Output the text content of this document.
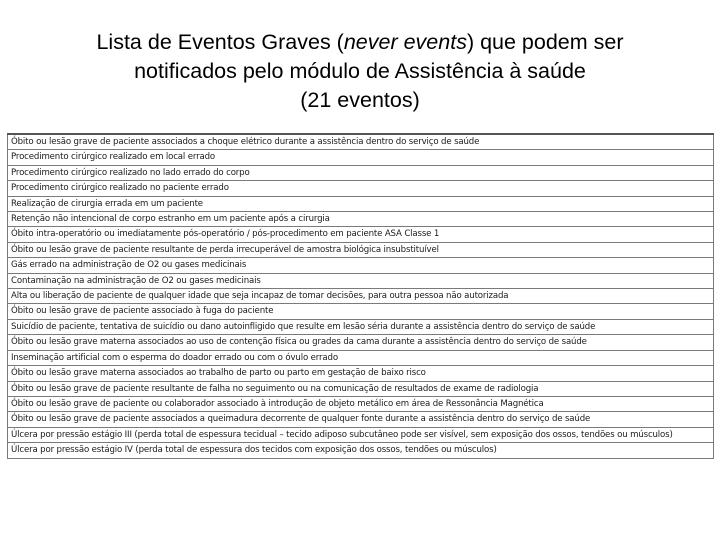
Lista de Eventos Graves (never events) que podem ser
notificados pelo módulo de Assistência à saúde
(21 eventos)
Óbito ou lesão grave de paciente associados a choque elétrico durante a assistência dentro do serviço de saúde
Procedimento cirúrgico realizado em local errado
Procedimento cirúrgico realizado no lado errado do corpo
Procedimento cirúrgico realizado no paciente errado
Realização de cirurgia errada em um paciente
Retenção não intencional de corpo estranho em um paciente após a cirurgia
Óbito intra-operatório ou imediatamente pós-operatório / pós-procedimento em paciente ASA Classe 1
Óbito ou lesão grave de paciente resultante de perda irrecuperável de amostra biológica insubstituível
Gás errado na administração de O2 ou gases medicinais
Contaminação na administração de O2 ou gases medicinais
Alta ou liberação de paciente de qualquer idade que seja incapaz de tomar decisões, para outra pessoa não autorizada
Óbito ou lesão grave de paciente associado à fuga do paciente
Suicídio de paciente, tentativa de suicídio ou dano autoinfligido que resulte em lesão séria durante a assistência dentro do serviço de saúde
Óbito ou lesão grave materna associados ao uso de contenção física ou grades da cama durante a assistência dentro do serviço de saúde
Inseminação artificial com o esperma do doador errado ou com o óvulo errado
Óbito ou lesão grave materna associados ao trabalho de parto ou parto em gestação de baixo risco
Óbito ou lesão grave de paciente resultante de falha no seguimento ou na comunicação de resultados de exame de radiologia
Óbito ou lesão grave de paciente ou colaborador associado à introdução de objeto metálico em área de Ressonância Magnética
Óbito ou lesão grave de paciente associados a queimadura decorrente de qualquer fonte durante a assistência dentro do serviço de saúde
Úlcera por pressão estágio III (perda total de espessura tecidual – tecido adiposo subcutâneo pode ser visível, sem exposição dos ossos, tendões ou músculos)
Úlcera por pressão estágio IV (perda total de espessura dos tecidos com exposição dos ossos, tendões ou músculos)
